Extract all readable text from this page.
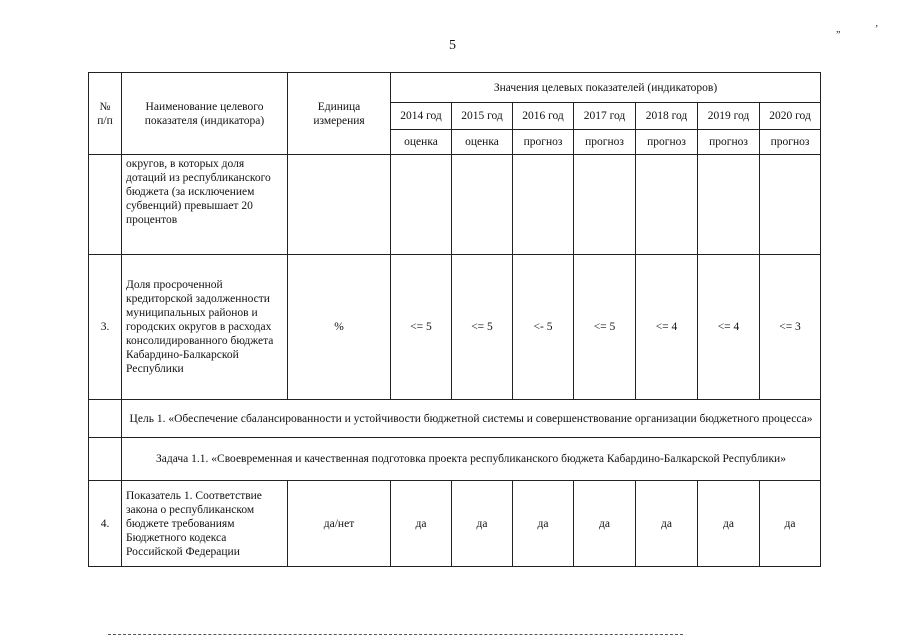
5
„	’
№
п/п	Наименование целевого показателя (индикатора)	Единица измерения	Значения целевых показателей (индикаторов)						
			2014 год	2015 год	2016 год	2017 год	2018 год	2019 год	2020 год
			оценка	оценка	прогноз	прогноз	прогноз	прогноз	прогноз
	округов, в которых доля дотаций из республиканского бюджета (за исключением субвенций) превышает 20 процентов								
3.	Доля просроченной кредиторской задолженности муниципальных районов и городских округов в расходах консолидированного бюджета Кабардино-Балкарской Республики	%	<= 5	<= 5	<- 5	<= 5	<= 4	<= 4	<= 3
	Цель 1. «Обеспечение сбалансированности и устойчивости бюджетной системы и совершенствование организации бюджетного процесса»								
	Задача 1.1. «Своевременная и качественная подготовка проекта республиканского бюджета Кабардино-Балкарской Республики»								
4.	Показатель 1. Соответствие закона о республиканском бюджете требованиям Бюджетного кодекса Российской Федерации	да/нет	да	да	да	да	да	да	да
